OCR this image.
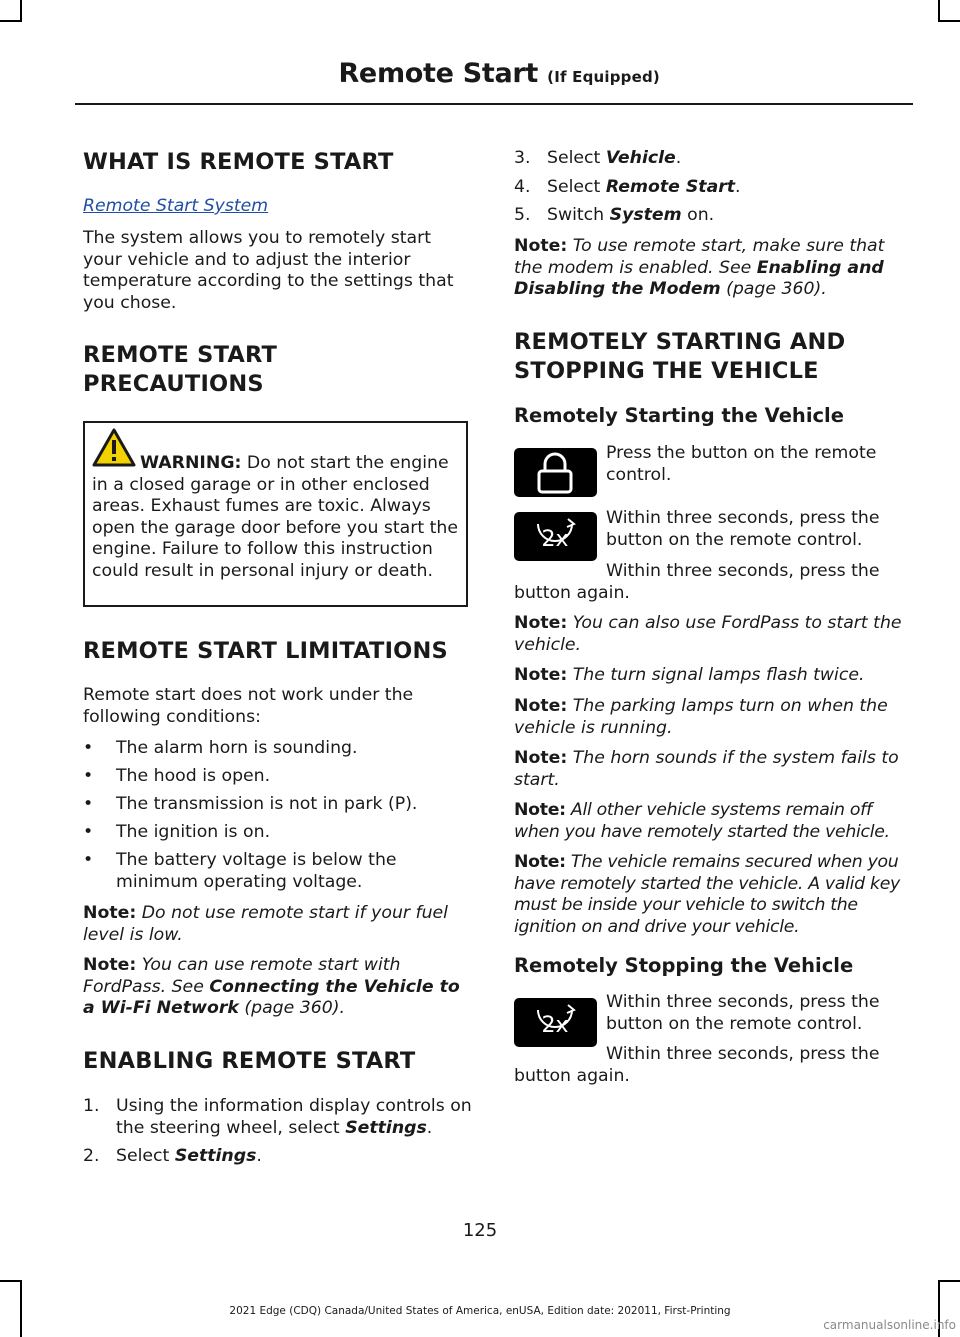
Remote Start (If Equipped)
WHAT IS REMOTE START

Remote Start System

The system allows you to remotely start your vehicle and to adjust the interior temperature according to the settings that you chose.

REMOTE START
PRECAUTIONS
WARNING: Do not start the engine in a closed garage or in other enclosed areas. Exhaust fumes are toxic. Always open the garage door before you start the engine. Failure to follow this instruction could result in personal injury or death.
REMOTE START LIMITATIONS

Remote start does not work under the following conditions:

• The alarm horn is sounding.
• The hood is open.
• The transmission is not in park (P).
• The ignition is on.
• The battery voltage is below the minimum operating voltage.

Note: Do not use remote start if your fuel level is low.

Note: You can use remote start with FordPass. See Connecting the Vehicle to a Wi-Fi Network (page 360).

ENABLING REMOTE START

1. Using the information display controls on the steering wheel, select Settings.

2. Select Settings.

3. Select Vehicle.

4. Select Remote Start.

5. Switch System on.

Note: To use remote start, make sure that the modem is enabled. See Enabling and Disabling the Modem (page 360).

REMOTELY STARTING AND
STOPPING THE VEHICLE
Remotely Starting the Vehicle

Press the button on the remote control.

2x

Within three seconds, press the button on the remote control.

Within three seconds, press the button again.

Note: You can also use FordPass to start the vehicle.

Note: The turn signal lamps flash twice.

Note: The parking lamps turn on when the vehicle is running.

Note: The horn sounds if the system fails to start.

Note: All other vehicle systems remain off when you have remotely started the vehicle.

Note: The vehicle remains secured when you have remotely started the vehicle. A valid key must be inside your vehicle to switch the ignition on and drive your vehicle.

Remotely Stopping the Vehicle
2x

Within three seconds, press the button on the remote control.

Within three seconds, press the button again.

125
2021 Edge (CDQ) Canada/United States of America, enUSA, Edition date: 202011, First-Printing
carmanualsonline.info
